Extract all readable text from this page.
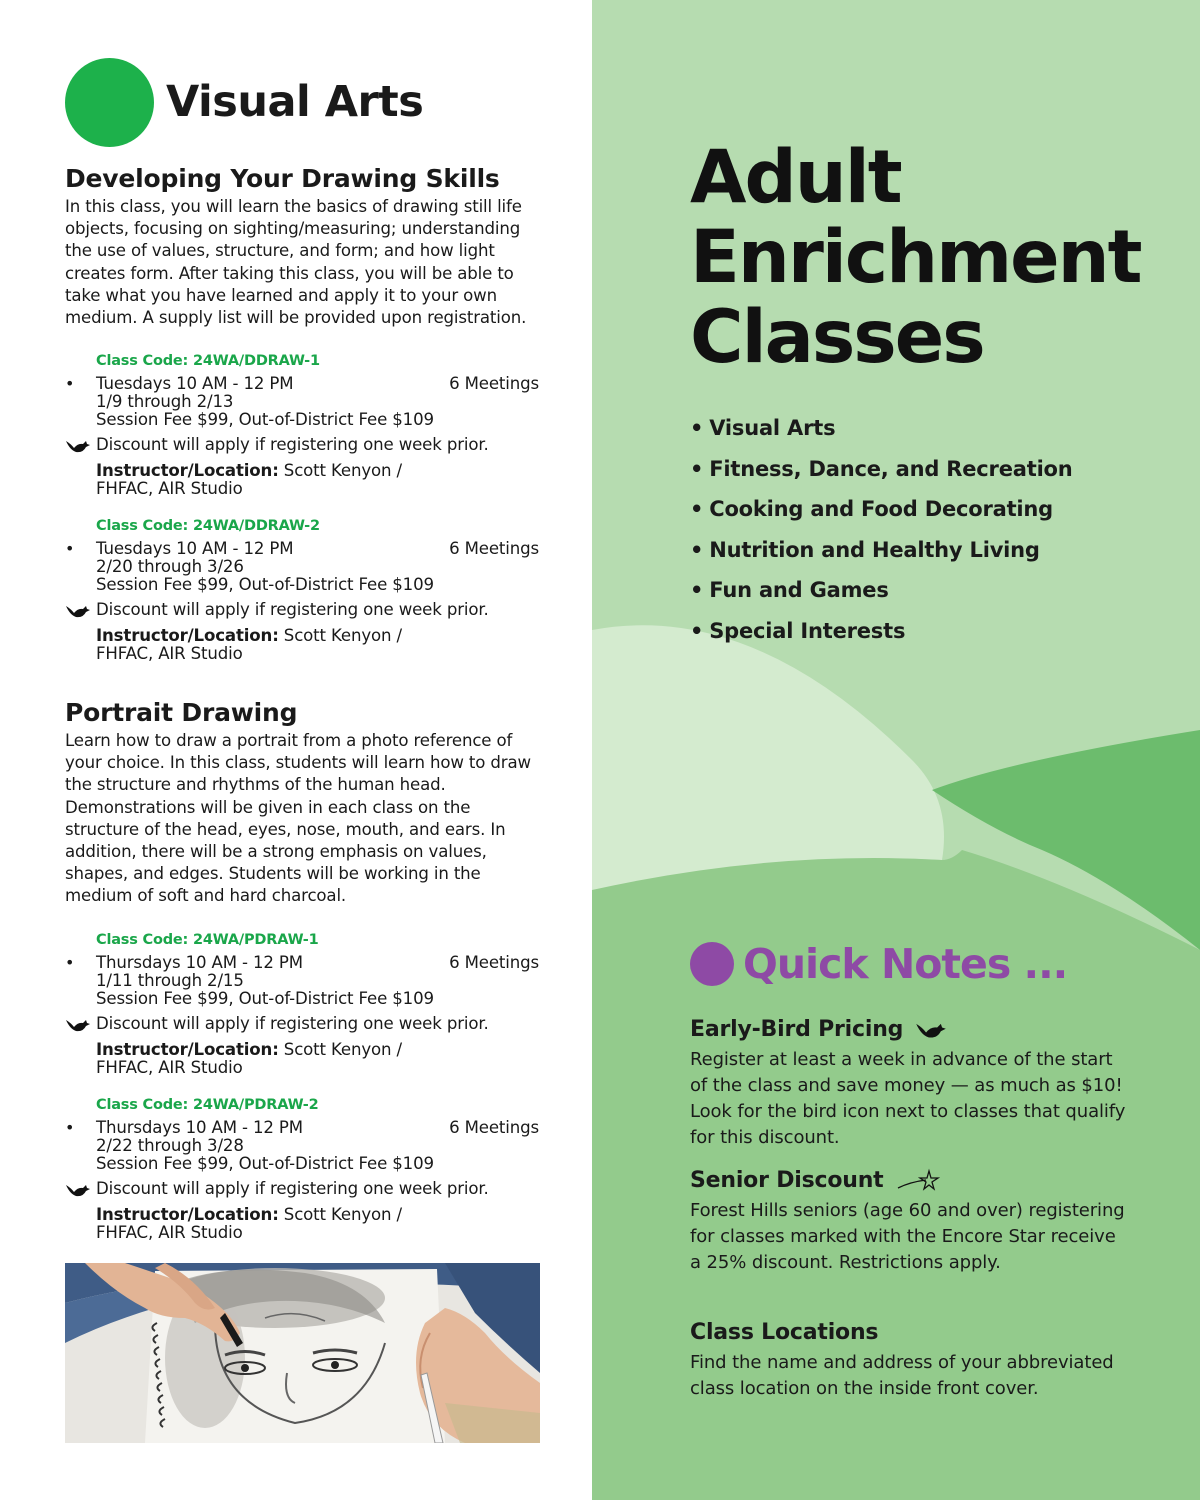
Visual Arts
Developing Your Drawing Skills
In this class, you will learn the basics of drawing still life objects, focusing on sighting/measuring; understanding the use of values, structure, and form; and how light creates form. After taking this class, you will be able to take what you have learned and apply it to your own medium. A supply list will be provided upon registration.
Class Code: 24WA/DDRAW-1
• Tuesdays 10 AM - 12 PM	6 Meetings
1/9 through 2/13
Session Fee $99, Out-of-District Fee $109
Discount will apply if registering one week prior.
Instructor/Location: Scott Kenyon /
FHFAC, AIR Studio
Class Code: 24WA/DDRAW-2
• Tuesdays 10 AM - 12 PM	6 Meetings
2/20 through 3/26
Session Fee $99, Out-of-District Fee $109
Discount will apply if registering one week prior.
Instructor/Location: Scott Kenyon /
FHFAC, AIR Studio
Portrait Drawing
Learn how to draw a portrait from a photo reference of your choice. In this class, students will learn how to draw the structure and rhythms of the human head. Demonstrations will be given in each class on the structure of the head, eyes, nose, mouth, and ears. In addition, there will be a strong emphasis on values, shapes, and edges. Students will be working in the medium of soft and hard charcoal.
Class Code: 24WA/PDRAW-1
• Thursdays 10 AM - 12 PM	6 Meetings
1/11 through 2/15
Session Fee $99, Out-of-District Fee $109
Discount will apply if registering one week prior.
Instructor/Location: Scott Kenyon /
FHFAC, AIR Studio
Class Code: 24WA/PDRAW-2
• Thursdays 10 AM - 12 PM	6 Meetings
2/22 through 3/28
Session Fee $99, Out-of-District Fee $109
Discount will apply if registering one week prior.
Instructor/Location: Scott Kenyon /
FHFAC, AIR Studio
Adult
Enrichment
Classes
• Visual Arts
• Fitness, Dance, and Recreation
• Cooking and Food Decorating
• Nutrition and Healthy Living
• Fun and Games
• Special Interests
Quick Notes ...
Early-Bird Pricing
Register at least a week in advance of the start of the class and save money — as much as $10! Look for the bird icon next to classes that qualify for this discount.
Senior Discount
Forest Hills seniors (age 60 and over) registering for classes marked with the Encore Star receive a 25% discount. Restrictions apply.
Class Locations
Find the name and address of your abbreviated class location on the inside front cover.
